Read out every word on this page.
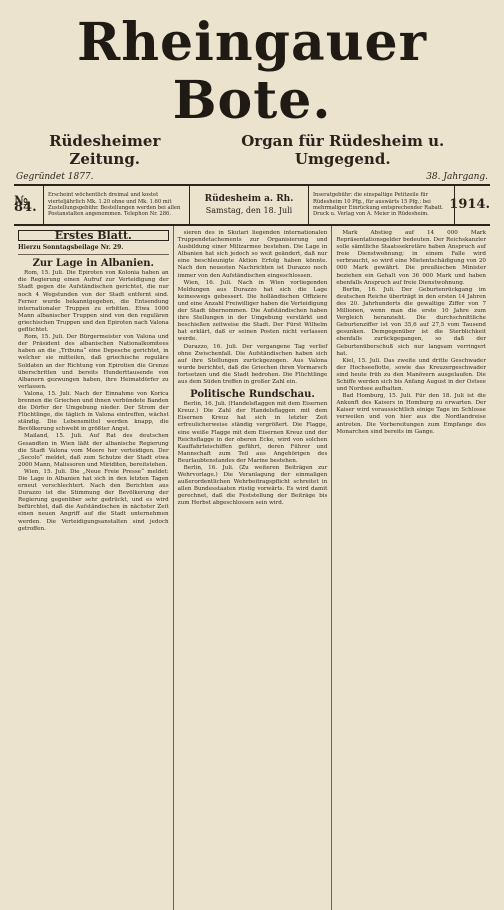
Rheingauer Bote.
Rüdesheimer Zeitung.
Organ für Rüdesheim u. Umgegend.
Gegründet 1877.	38. Jahrgang.
№ 84.
Erscheint wöchentlich dreimal und kostet vierteljährlich Mk. 1.20 ohne und Mk. 1.60 mit Zustellungsgebühr. Bestellungen werden bei allen Postanstalten angenommen. Telephon Nr. 286.
Rüdesheim a. Rh.
Samstag, den 18. Juli
Inseratgebühr: die einspaltige Petitzeile für Rüdesheim 10 Pfg., für auswärts 15 Pfg.; bei mehrmaliger Einrückung entsprechender Rabatt. Druck u. Verlag von A. Meier in Rüdesheim.
1914.
Erstes Blatt.
Hierzu Sonntagsbeilage Nr. 29.
Zur Lage in Albanien.

Rom, 15. Juli. Die Epiroten von Kolonia haben an die Regierung einen Aufruf zur Verteidigung der Stadt gegen die Aufständischen gerichtet, die nur noch 4 Wegstunden von der Stadt entfernt sind. Ferner wurde bekanntgegeben, die Entsendung internationaler Truppen zu erbitten. Etwa 1000 Mann albanischer Truppen sind von den regulären griechischen Truppen und den Epiroten nach Valona geflüchtet.

Rom, 15. Juli. Der Bürgermeister von Valona und der Präsident des albanischen Nationalkomitees haben an die „Tribuna“ eine Depesche gerichtet, in welcher sie mitteilen, daß griechische reguläre Soldaten an der Richtung von Epirotien die Grenze überschritten und bereits Hunderttausende von Albanern gezwungen haben, ihre Heimatdörfer zu verlassen.

Valona, 15. Juli. Nach der Einnahme von Korica brennen die Griechen und ihnen verbündete Banden die Dörfer der Umgebung nieder. Der Strom der Flüchtlinge, die täglich in Valona eintreffen, wächst ständig. Die Lebensmittel werden knapp, die Bevölkerung schwebt in größter Angst.

Mailand, 15. Juli. Auf Rat des deutschen Gesandten in Wien läßt der albanische Regierung die Stadt Valona vom Meere her verteidigen. Der „Secolo“ meldet, daß zum Schutze der Stadt etwa 2000 Mann, Malissoren und Miriditen, bereitstehen.

Wien, 15. Juli. Die „Neue Freie Presse“ meldet: Die Lage in Albanien hat sich in den letzten Tagen erneut verschlechtert. Nach den Berichten aus Durazzo ist die Stimmung der Bevölkerung der Regierung gegenüber sehr gedrückt, und es wird befürchtet, daß die Aufständischen in nächster Zeit einen neuen Angriff auf die Stadt unternehmen werden. Die Verteidigungsanstalten sind jedoch getroffen.

sieren des in Skutari liegenden internationalen Truppendetachements zur Organisierung und Ausbildung einer Milizarmee bestehen. Die Lage in Albanien hat sich jedoch so weit geändert, daß nur eine beschleunigte Aktion Erfolg haben könnte. Nach den neuesten Nachrichten ist Durazzo noch immer von den Aufständischen eingeschlossen.

Wien, 16. Juli. Nach in Wien vorliegenden Meldungen aus Durazzo hat sich die Lage keineswegs gebessert. Die holländischen Offiziere und eine Anzahl Freiwilliger haben die Verteidigung der Stadt übernommen. Die Aufständischen haben ihre Stellungen in der Umgebung verstärkt und beschießen zeitweise die Stadt. Der Fürst Wilhelm hat erklärt, daß er seinen Posten nicht verlassen werde.

Durazzo, 16. Juli. Der vergangene Tag verlief ohne Zwischenfall. Die Aufständischen haben sich auf ihre Stellungen zurückgezogen. Aus Valona wurde berichtet, daß die Griechen ihren Vormarsch fortsetzen und die Stadt bedrohen. Die Flüchtlinge aus dem Süden treffen in großer Zahl ein.

Politische Rundschau.

Berlin, 16. Juli. (Handelsflaggen mit dem Eisernen Kreuz.) Die Zahl der Handelsflaggen mit dem Eisernen Kreuz hat sich in letzter Zeit erfreulicherweise ständig vergrößert. Die Flagge, eine weiße Flagge mit dem Eisernen Kreuz und der Reichsflagge in der oberen Ecke, wird von solchen Kauffahrteischiffen geführt, deren Führer und Mannschaft zum Teil aus Angehörigen des Beurlaubtenstandes der Marine bestehen.

Berlin, 16. Juli. (Zu weiteren Beiträgen zur Wehrvorlage.) Die Veranlagung der einmaligen außerordentlichen Wehrbeitragspflicht schreitet in allen Bundesstaaten rüstig vorwärts. Es wird damit gerechnet, daß die Feststellung der Beiträge bis zum Herbst abgeschlossen sein wird.

Mark Abstieg auf 14 000 Mark Repräsentationsgelder bedeuten. Der Reichskanzler solle sämtliche Staatssekretäre haben Anspruch auf freie Dienstwohnung; in einem Falle wird verbraucht, so wird eine Mietentschädigung von 20 000 Mark gewährt. Die preußischen Minister beziehen ein Gehalt von 36 000 Mark und haben ebenfalls Anspruch auf freie Dienstwohnung.

Berlin, 16. Juli. Der Geburtenrückgang im deutschen Reiche überträgt in den ersten 14 Jahren des 20. Jahrhunderts die gewaltige Ziffer von 7 Millionen, wenn man die erste 10 Jahre zum Vergleich heranzieht. Die durchschnittliche Geburtenziffer ist von 35,6 auf 27,5 vom Tausend gesunken. Demgegenüber ist die Sterblichkeit ebenfalls zurückgegangen, so daß der Geburtenüberschuß sich nur langsam verringert hat.

Kiel, 15. Juli. Das zweite und dritte Geschwader der Hochseeflotte, sowie das Kreuzergeschwader sind heute früh zu den Manövern ausgelaufen. Die Schiffe werden sich bis Anfang August in der Ostsee und Nordsee aufhalten.

Bad Homburg, 15. Juli. Für den 18. Juli ist die Ankunft des Kaisers in Homburg zu erwarten. Der Kaiser wird voraussichtlich einige Tage im Schlosse verweilen und von hier aus die Nordlandreise antreten. Die Vorbereitungen zum Empfange des Monarchen sind bereits im Gange.
